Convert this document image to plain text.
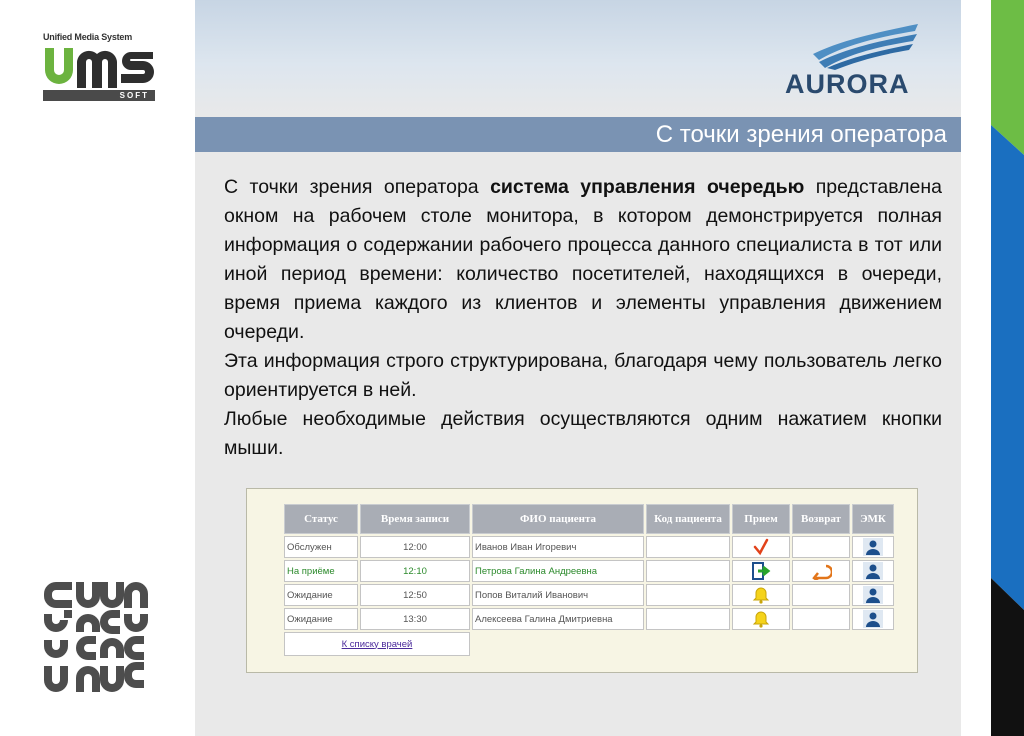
Unified Media System
SOFT	AURORA
С точки зрения оператора

С точки зрения оператора система управления очередью представлена окном на рабочем столе монитора, в котором демонстрируется полная информация о содержании рабочего процесса данного специалиста в тот или иной период времени: количество посетителей, находящихся в очереди, время приема каждого из клиентов и элементы управления движением очереди.

Эта информация строго структурирована, благодаря чему пользователь легко ориентируется в ней.

Любые необходимые действия осуществляются одним нажатием кнопки мыши.

Статус	Время записи	ФИО пациента	Код пациента	Прием	Возврат	ЭМК
Обслужен	12:00	Иванов Иван Игоревич				
На приёме	12:10	Петрова Галина Андреевна				
Ожидание	12:50	Попов Виталий Иванович				
Ожидание	13:30	Алексеева Галина Дмитриевна				
К списку врачей						
